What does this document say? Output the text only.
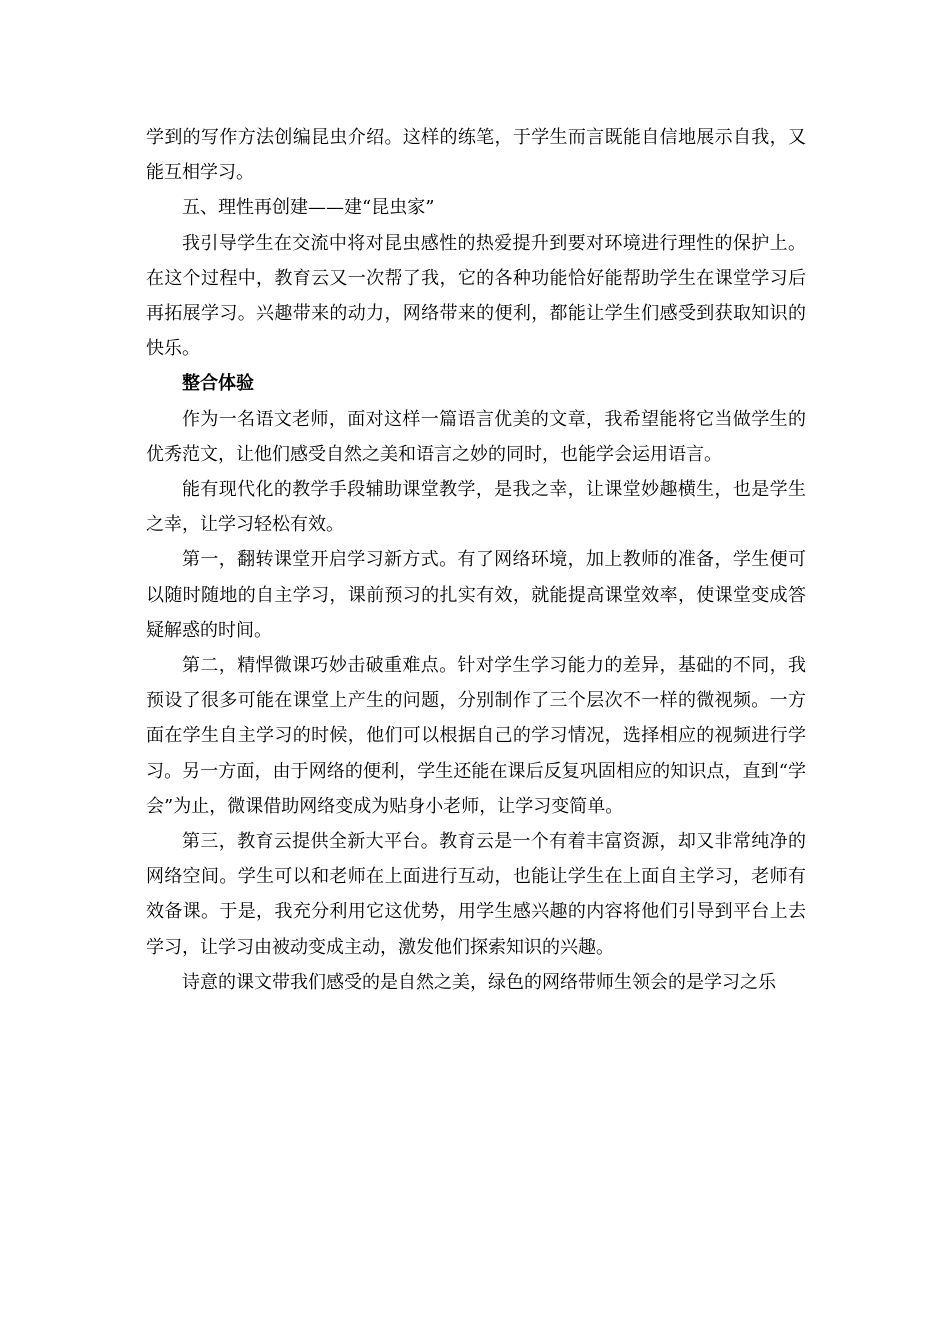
学到的写作方法创编昆虫介绍。这样的练笔，于学生而言既能自信地展示自我，又能互相学习。

五、理性再创建——建“昆虫家”

我引导学生在交流中将对昆虫感性的热爱提升到要对环境进行理性的保护上。在这个过程中，教育云又一次帮了我，它的各种功能恰好能帮助学生在课堂学习后再拓展学习。兴趣带来的动力，网络带来的便利，都能让学生们感受到获取知识的快乐。

整合体验

作为一名语文老师，面对这样一篇语言优美的文章，我希望能将它当做学生的优秀范文，让他们感受自然之美和语言之妙的同时，也能学会运用语言。

能有现代化的教学手段辅助课堂教学，是我之幸，让课堂妙趣横生，也是学生之幸，让学习轻松有效。

第一，翻转课堂开启学习新方式。有了网络环境，加上教师的准备，学生便可以随时随地的自主学习，课前预习的扎实有效，就能提高课堂效率，使课堂变成答疑解惑的时间。

第二，精悍微课巧妙击破重难点。针对学生学习能力的差异，基础的不同，我预设了很多可能在课堂上产生的问题，分别制作了三个层次不一样的微视频。一方面在学生自主学习的时候，他们可以根据自己的学习情况，选择相应的视频进行学习。另一方面，由于网络的便利，学生还能在课后反复巩固相应的知识点，直到“学会”为止，微课借助网络变成为贴身小老师，让学习变简单。

第三，教育云提供全新大平台。教育云是一个有着丰富资源，却又非常纯净的网络空间。学生可以和老师在上面进行互动，也能让学生在上面自主学习，老师有效备课。于是，我充分利用它这优势，用学生感兴趣的内容将他们引导到平台上去学习，让学习由被动变成主动，激发他们探索知识的兴趣。

诗意的课文带我们感受的是自然之美，绿色的网络带师生领会的是学习之乐
